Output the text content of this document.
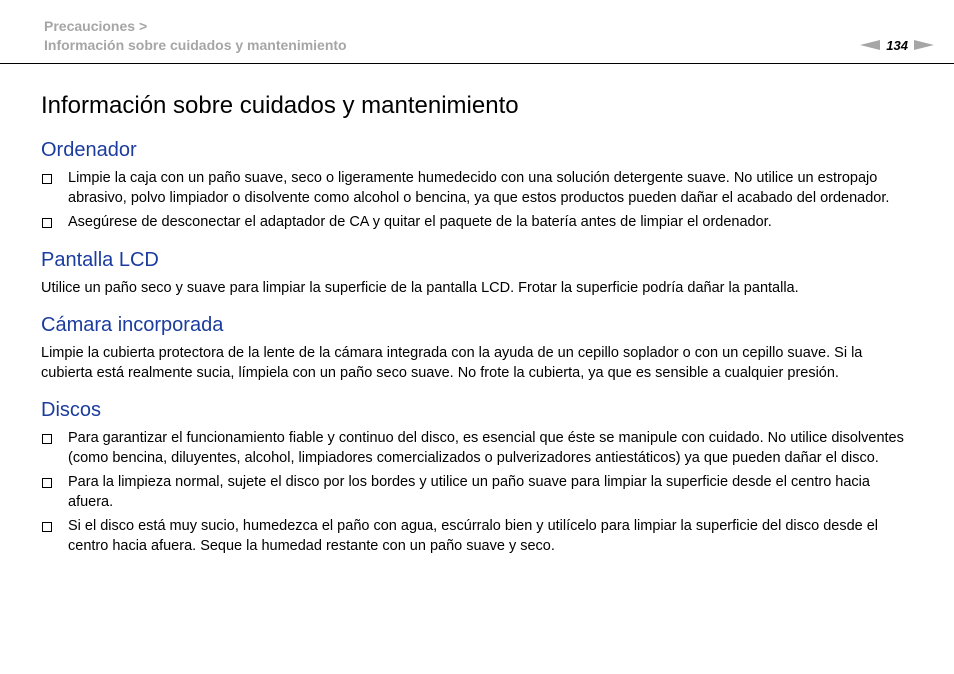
Precauciones >
Información sobre cuidados y mantenimiento	134
Información sobre cuidados y mantenimiento
Ordenador
Limpie la caja con un paño suave, seco o ligeramente humedecido con una solución detergente suave. No utilice un estropajo abrasivo, polvo limpiador o disolvente como alcohol o bencina, ya que estos productos pueden dañar el acabado del ordenador.
Asegúrese de desconectar el adaptador de CA y quitar el paquete de la batería antes de limpiar el ordenador.
Pantalla LCD

Utilice un paño seco y suave para limpiar la superficie de la pantalla LCD. Frotar la superficie podría dañar la pantalla.

Cámara incorporada

Limpie la cubierta protectora de la lente de la cámara integrada con la ayuda de un cepillo soplador o con un cepillo suave. Si la cubierta está realmente sucia, límpiela con un paño seco suave. No frote la cubierta, ya que es sensible a cualquier presión.

Discos
Para garantizar el funcionamiento fiable y continuo del disco, es esencial que éste se manipule con cuidado. No utilice disolventes (como bencina, diluyentes, alcohol, limpiadores comercializados o pulverizadores antiestáticos) ya que pueden dañar el disco.
Para la limpieza normal, sujete el disco por los bordes y utilice un paño suave para limpiar la superficie desde el centro hacia afuera.
Si el disco está muy sucio, humedezca el paño con agua, escúrralo bien y utilícelo para limpiar la superficie del disco desde el centro hacia afuera. Seque la humedad restante con un paño suave y seco.
